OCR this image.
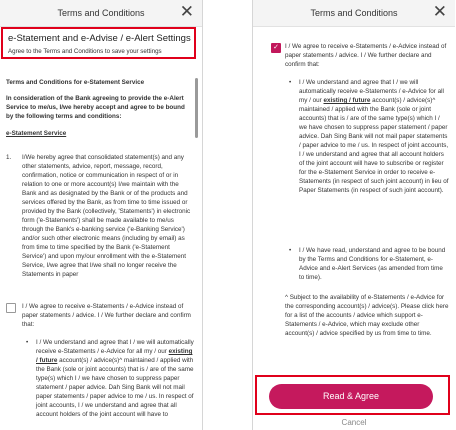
Terms and Conditions	✕
e-Statement and e-Advise / e-Alert Settings
Agree to the Terms and Conditions to save your settings
Terms and Conditions for e-Statement Service
In consideration of the Bank agreeing to provide the e-Alert Service to me/us, I/we hereby accept and agree to be bound by the following terms and conditions:
e-Statement Service
1.	I/We hereby agree that consolidated statement(s) and any other statements, advice, report, message, record, confirmation, notice or communication in respect of or in relation to one or more account(s) I/we maintain with the Bank and as designated by the Bank or of the products and services offered by the Bank, as from time to time issued or provided by the Bank (collectively, 'Statements') in electronic form ('e-Statements') shall be made available to me/us through the Bank's e-banking service ('e-Banking Service') and/or such other electronic means (including by email) as from time to time specified by the Bank ('e-Statement Service') and upon my/our enrollment with the e-Statement Service, I/we agree that I/we shall no longer receive the Statements in paper
I / We agree to receive e-Statements / e-Advice instead of paper statements / advice. I / We further declare and confirm that:
•	I / We understand and agree that I / we will automatically receive e-Statements / e-Advice for all my / our existing / future account(s) / advice(s)^ maintained / applied with the Bank (sole or joint accounts) that is / are of the same type(s) which I / we have chosen to suppress paper statement / paper advice. Dah Sing Bank will not mail paper statements / paper advice to me / us. In respect of joint accounts, I / we understand and agree that all account holders of the joint account will have to
Terms and Conditions	✕
✓ I / We agree to receive e-Statements / e-Advice instead of paper statements / advice. I / We further declare and confirm that:
•	I / We understand and agree that I / we will automatically receive e-Statements / e-Advice for all my / our existing / future account(s) / advice(s)^ maintained / applied with the Bank (sole or joint accounts) that is / are of the same type(s) which I / we have chosen to suppress paper statement / paper advice. Dah Sing Bank will not mail paper statements / paper advice to me / us. In respect of joint accounts, I / we understand and agree that all account holders of the joint account will have to subscribe or register for the e-Statement Service in order to receive e-Statements (in respect of such joint account) in lieu of Paper Statements (in respect of such joint account).
•	I / We have read, understand and agree to be bound by the Terms and Conditions for e-Statement, e-Advice and e-Alert Services (as amended from time to time).
^ Subject to the availability of e-Statements / e-Advice for the corresponding account(s) / advice(s). Please click here for a list of the accounts / advice which support e-Statements / e-Advice, which may exclude other account(s) / advice specified by us from time to time.
Read & Agree
Cancel
